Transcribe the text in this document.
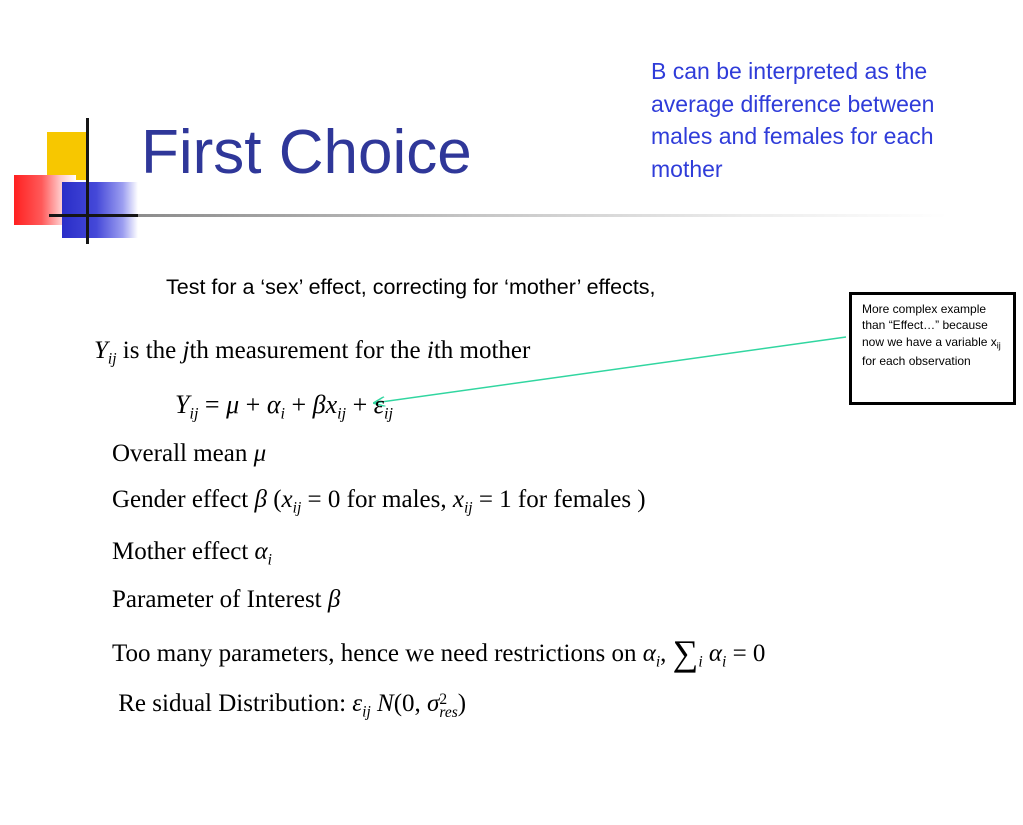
First Choice
B can be interpreted as the average difference between males and females for each mother
More complex example than “Effect…” because now we have a variable $x_{ij}$ for each observation
Test for a ‘sex’ effect, correcting for ‘mother’ effects,
$Y_{ij}$ is the jth measurement for the ith mother
$Y_{ij} = \mu + \alpha_i + \beta x_{ij} + \varepsilon_{ij}$
Overall mean μ
Gender effect β ($x_{ij} = 0$ for males, $x_{ij} = 1$ for females )
Mother effect $\alpha_i$
Parameter of Interest β
Too many parameters, hence we need restrictions on $\alpha_i$, $\sum_i$ $\alpha_i = 0$
Re sidual Distribution: $\varepsilon_{ij}$ N(0, σ 2
res )
